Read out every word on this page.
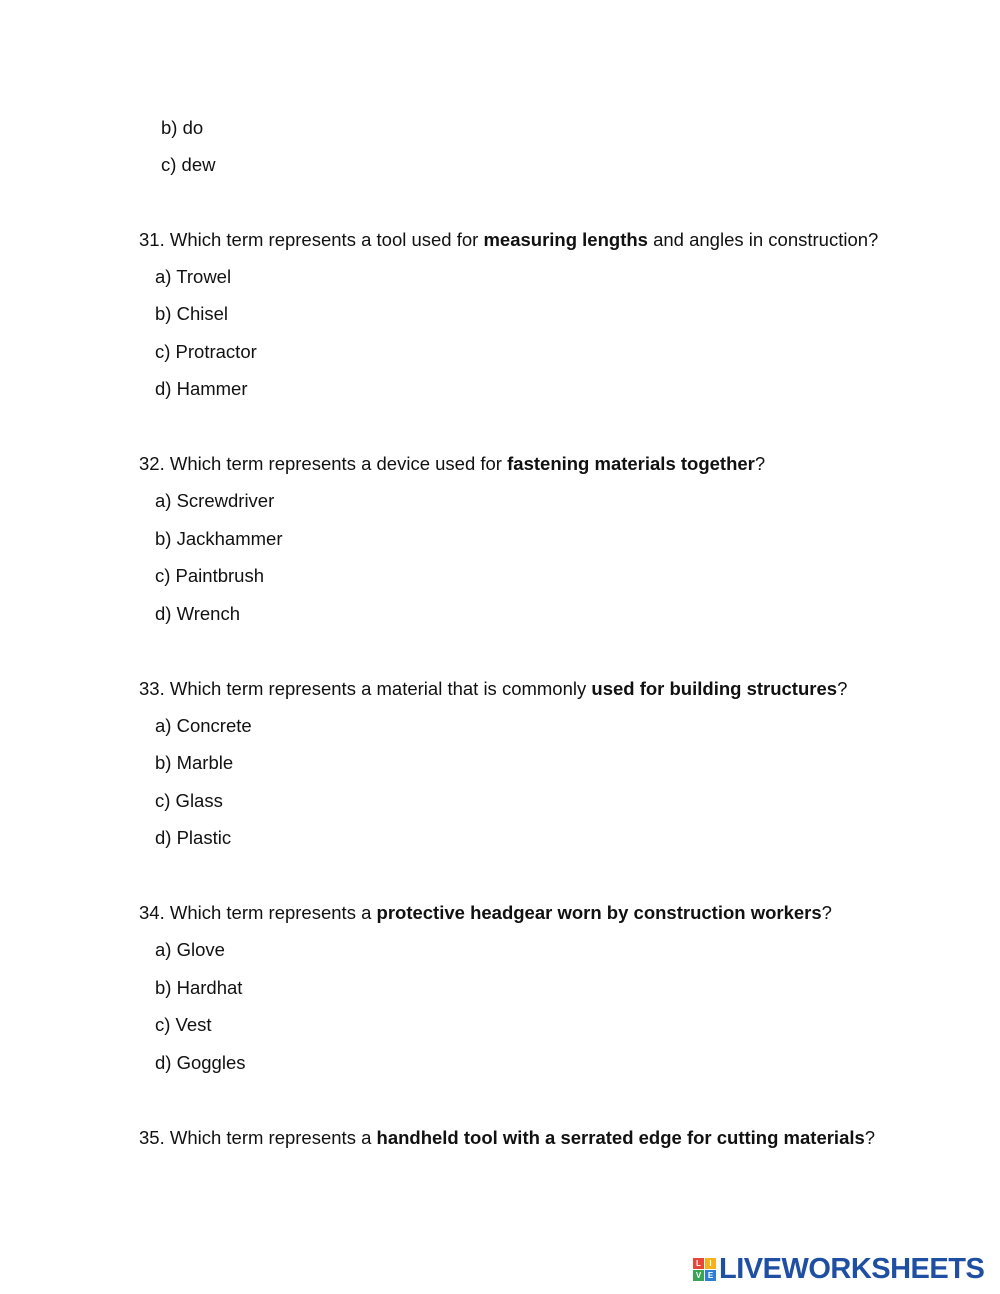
b) do
c) dew
31. Which term represents a tool used for measuring lengths and angles in construction?
a) Trowel
b) Chisel
c) Protractor
d) Hammer
32. Which term represents a device used for fastening materials together?
a) Screwdriver
b) Jackhammer
c) Paintbrush
d) Wrench
33. Which term represents a material that is commonly used for building structures?
a) Concrete
b) Marble
c) Glass
d) Plastic
34. Which term represents a protective headgear worn by construction workers?
a) Glove
b) Hardhat
c) Vest
d) Goggles
35. Which term represents a handheld tool with a serrated edge for cutting materials?
L	I
V E LIVEWORKSHEETS
